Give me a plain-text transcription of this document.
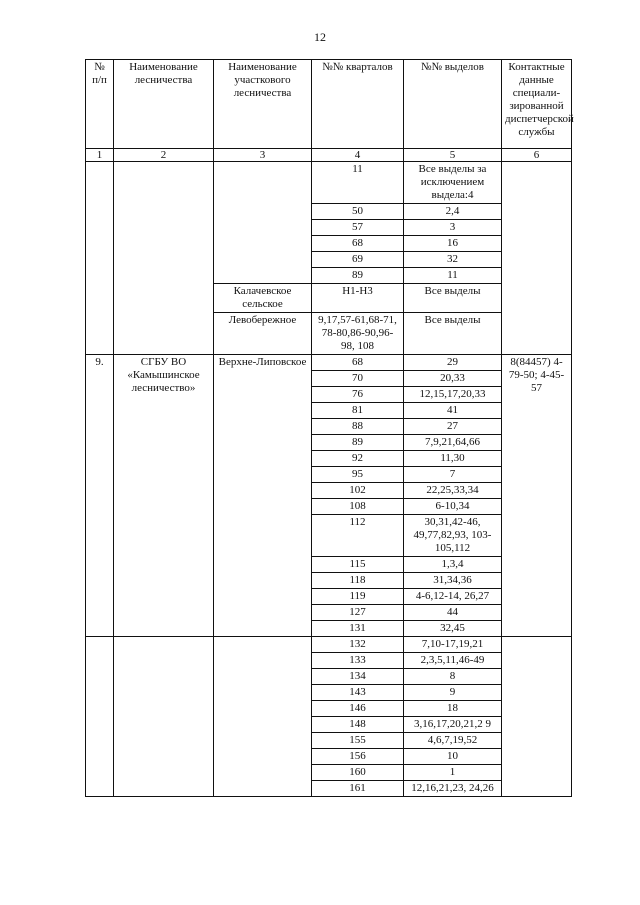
12
№ п/п	Наименование лесничества	Наименование участкового лесничества	№№ кварталов	№№ выделов	Контактные данные специали-зированной диспетчерской службы
1	2	3	4	5	6
			11	Все выделы за исключением выдела:4	
			50	2,4	
			57	3	
			68	16	
			69	32	
			89	11	
		Калачевское сельское	Н1-Н3	Все выделы	
		Левобережное	9,17,57-61,68-71, 78-80,86-90,96-98, 108	Все выделы	
9.	СГБУ ВО «Камышинское лесничество»	Верхне-Липовское	68	29	8(84457) 4-79-50; 4-45-57
			70	20,33	
			76	12,15,17,20,33	
			81	41	
			88	27	
			89	7,9,21,64,66	
			92	11,30	
			95	7	
			102	22,25,33,34	
			108	6-10,34	
			112	30,31,42-46, 49,77,82,93, 103-105,112	
			115	1,3,4	
			118	31,34,36	
			119	4-6,12-14, 26,27	
			127	44	
			131	32,45	
			132	7,10-17,19,21	
			133	2,3,5,11,46-49	
			134	8	
			143	9	
			146	18	
			148	3,16,17,20,21,2 9	
			155	4,6,7,19,52	
			156	10	
			160	1	
			161	12,16,21,23, 24,26	
